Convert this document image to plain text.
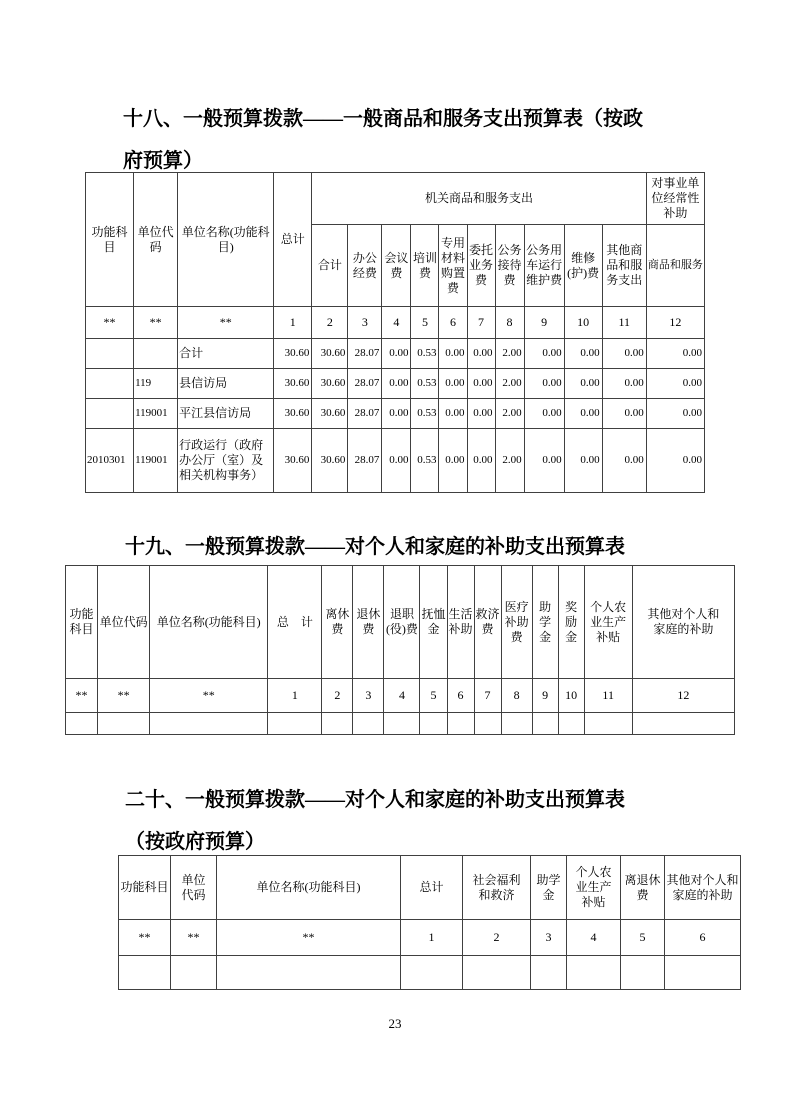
十八、一般预算拨款——一般商品和服务支出预算表（按政府预算）
功能科目	单位代码	单位名称(功能科目)	总计	机关商品和服务支出										对事业单位经常性补助
				合计	办公经费	会议费	培训费	专用材料购置费	委托业务费	公务接待费	公务用车运行维护费	维修(护)费	其他商品和服务支出	商品和服务
**	**	**	1	2	3	4	5	6	7	8	9	10	11	12
		合计	30.60	30.60	28.07	0.00	0.53	0.00	0.00	2.00	0.00	0.00	0.00	0.00
	119	县信访局	30.60	30.60	28.07	0.00	0.53	0.00	0.00	2.00	0.00	0.00	0.00	0.00
	119001	平江县信访局	30.60	30.60	28.07	0.00	0.53	0.00	0.00	2.00	0.00	0.00	0.00	0.00
2010301	119001	行政运行（政府办公厅（室）及相关机构事务）	30.60	30.60	28.07	0.00	0.53	0.00	0.00	2.00	0.00	0.00	0.00	0.00
十九、一般预算拨款——对个人和家庭的补助支出预算表
功能科目	单位代码	单位名称(功能科目)	总　计	离休费	退休费	退职(役)费	抚恤金	生活补助	救济费	医疗补助费	助学金	奖励金	个人农业生产补贴	其他对个人和家庭的补助
**	**	**	1	2	3	4	5	6	7	8	9	10	11	12

二十、一般预算拨款——对个人和家庭的补助支出预算表（按政府预算）
功能科目	单位代码	单位名称(功能科目)	总计	社会福利和救济	助学金	个人农业生产补贴	离退休费	其他对个人和家庭的补助
**	**	**	1	2	3	4	5	6

23
